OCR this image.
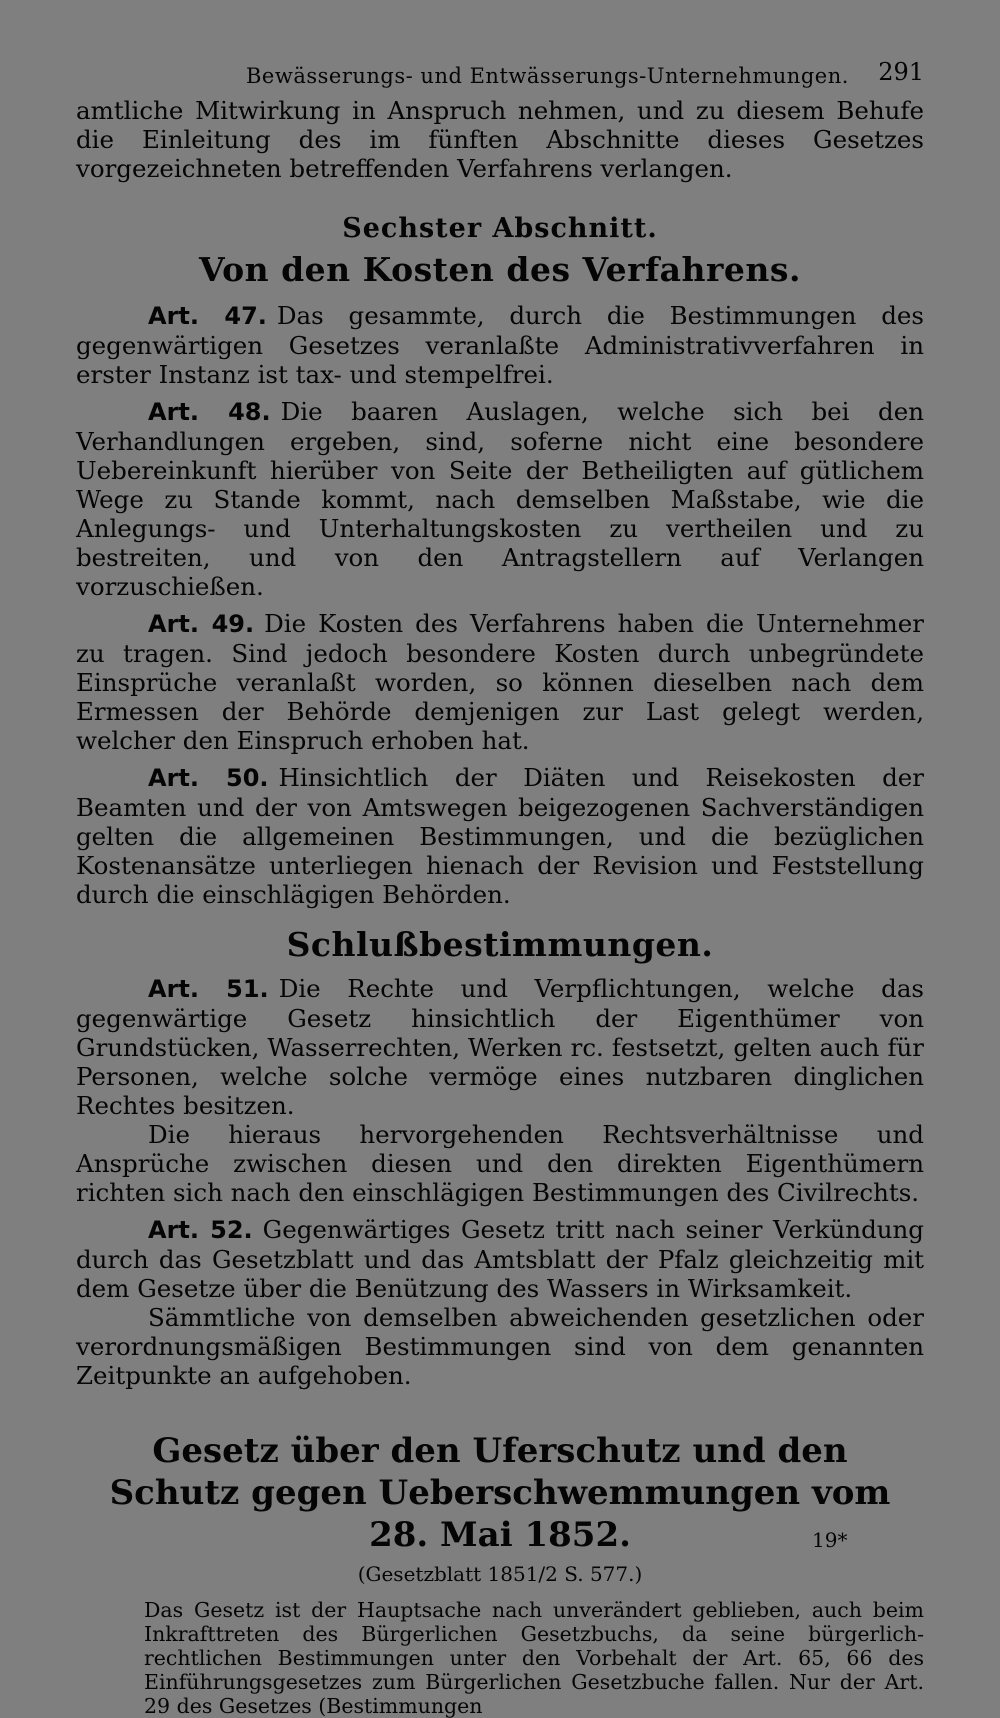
Bewässerungs- und Entwässerungs-Unternehmungen. 291

amtliche Mitwirkung in Anspruch nehmen, und zu diesem Behufe die Einleitung des im fünften Abschnitte dieses Gesetzes vorgezeichneten betreffenden Verfahrens verlangen.

Sechster Abschnitt.
Von den Kosten des Verfahrens.

Art. 47. Das gesammte, durch die Bestimmungen des gegenwärtigen Gesetzes veranlaßte Administrativverfahren in erster Instanz ist tax- und stempelfrei.

Art. 48. Die baaren Auslagen, welche sich bei den Verhandlungen ergeben, sind, soferne nicht eine besondere Uebereinkunft hierüber von Seite der Betheiligten auf gütlichem Wege zu Stande kommt, nach demselben Maßstabe, wie die Anlegungs- und Unterhaltungskosten zu vertheilen und zu bestreiten, und von den Antragstellern auf Verlangen vorzuschießen.

Art. 49. Die Kosten des Verfahrens haben die Unternehmer zu tragen. Sind jedoch besondere Kosten durch unbegründete Einsprüche veranlaßt worden, so können dieselben nach dem Ermessen der Behörde demjenigen zur Last gelegt werden, welcher den Einspruch erhoben hat.

Art. 50. Hinsichtlich der Diäten und Reisekosten der Beamten und der von Amtswegen beigezogenen Sachverständigen gelten die allgemeinen Bestimmungen, und die bezüglichen Kostenansätze unterliegen hienach der Revision und Feststellung durch die einschlägigen Behörden.

Schlußbestimmungen.

Art. 51. Die Rechte und Verpflichtungen, welche das gegenwärtige Gesetz hinsichtlich der Eigenthümer von Grundstücken, Wasserrechten, Werken rc. festsetzt, gelten auch für Personen, welche solche vermöge eines nutzbaren dinglichen Rechtes besitzen.

Die hieraus hervorgehenden Rechtsverhältnisse und Ansprüche zwischen diesen und den direkten Eigenthümern richten sich nach den einschlägigen Bestimmungen des Civilrechts.

Art. 52. Gegenwärtiges Gesetz tritt nach seiner Verkündung durch das Gesetzblatt und das Amtsblatt der Pfalz gleichzeitig mit dem Gesetze über die Benützung des Wassers in Wirksamkeit.

Sämmtliche von demselben abweichenden gesetzlichen oder verordnungsmäßigen Bestimmungen sind von dem genannten Zeitpunkte an aufgehoben.

Gesetz über den Uferschutz und den Schutz gegen Ueberschwemmungen vom 28. Mai 1852.
(Gesetzblatt 1851/2 S. 577.)

Das Gesetz ist der Hauptsache nach unverändert geblieben, auch beim Inkrafttreten des Bürgerlichen Gesetzbuchs, da seine bürgerlich-rechtlichen Bestimmungen unter den Vorbehalt der Art. 65, 66 des Einführungsgesetzes zum Bürgerlichen Gesetzbuche fallen. Nur der Art. 29 des Gesetzes (Bestimmungen

19*
